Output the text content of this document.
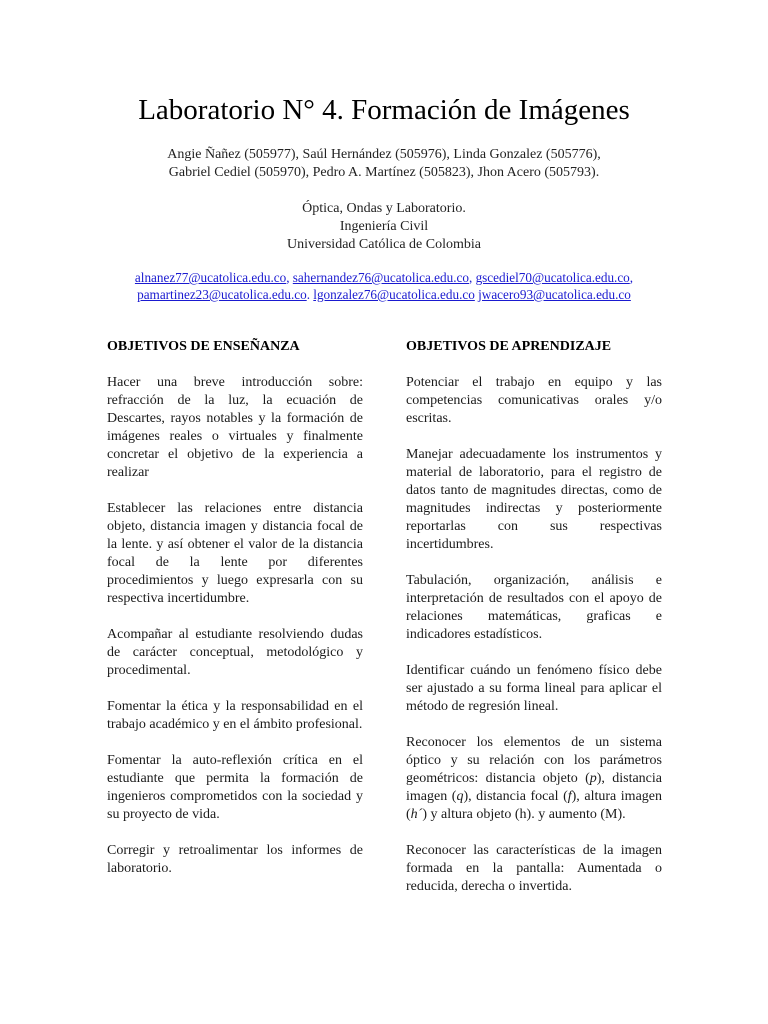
Laboratorio N° 4. Formación de Imágenes
Angie Ñañez (505977), Saúl Hernández (505976), Linda Gonzalez (505776),
Gabriel Cediel (505970), Pedro A. Martínez (505823), Jhon Acero (505793).
Óptica, Ondas y Laboratorio.
Ingeniería Civil
Universidad Católica de Colombia
alnanez77@ucatolica.edu.co, sahernandez76@ucatolica.edu.co, gscediel70@ucatolica.edu.co,
pamartinez23@ucatolica.edu.co. lgonzalez76@ucatolica.edu.co jwacero93@ucatolica.edu.co
OBJETIVOS DE ENSEÑANZA

Hacer una breve introducción sobre: refracción de la luz, la ecuación de Descartes, rayos notables y la formación de imágenes reales o virtuales y finalmente concretar el objetivo de la experiencia a realizar

Establecer las relaciones entre distancia objeto, distancia imagen y distancia focal de la lente. y así obtener el valor de la distancia focal de la lente por diferentes procedimientos y luego expresarla con su respectiva incertidumbre.

Acompañar al estudiante resolviendo dudas de carácter conceptual, metodológico y procedimental.

Fomentar la ética y la responsabilidad en el trabajo académico y en el ámbito profesional.

Fomentar la auto-reflexión crítica en el estudiante que permita la formación de ingenieros comprometidos con la sociedad y su proyecto de vida.

Corregir y retroalimentar los informes de laboratorio.

OBJETIVOS DE APRENDIZAJE

Potenciar el trabajo en equipo y las competencias comunicativas orales y/o escritas.

Manejar adecuadamente los instrumentos y material de laboratorio, para el registro de datos tanto de magnitudes directas, como de magnitudes indirectas y posteriormente reportarlas con sus respectivas incertidumbres.

Tabulación, organización, análisis e interpretación de resultados con el apoyo de relaciones matemáticas, graficas e indicadores estadísticos.

Identificar cuándo un fenómeno físico debe ser ajustado a su forma lineal para aplicar el método de regresión lineal.

Reconocer los elementos de un sistema óptico y su relación con los parámetros geométricos: distancia objeto (p), distancia imagen (q), distancia focal (f), altura imagen (h´) y altura objeto (h). y aumento (M).

Reconocer las características de la imagen formada en la pantalla: Aumentada o reducida, derecha o invertida.
